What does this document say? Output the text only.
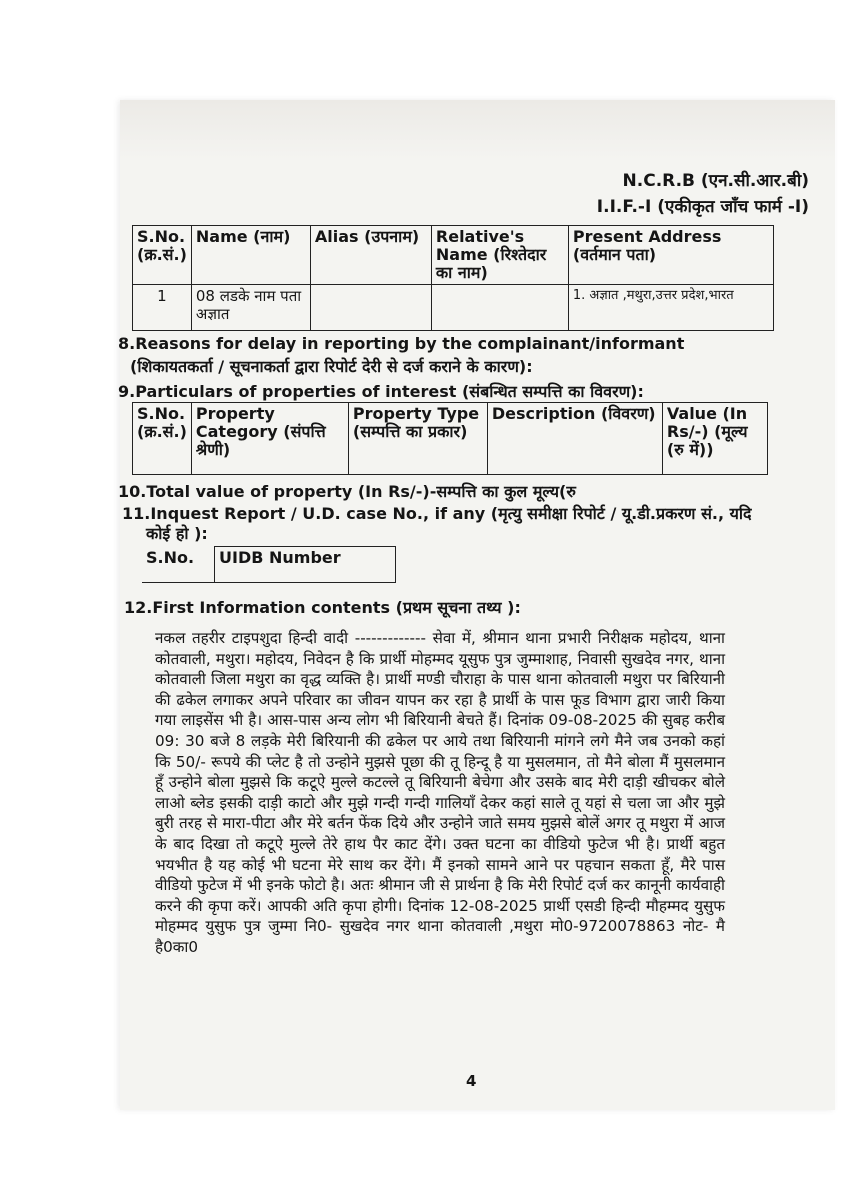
N.C.R.B (एन.सी.आर.बी)
I.I.F.-I (एकीकृत जाँच फार्म -I)
S.No. (क्र.सं.)	Name (नाम)	Alias (उपनाम)	Relative's Name (रिश्तेदार का नाम)	Present Address (वर्तमान पता)
1	08 लडके नाम पता अज्ञात			1. अज्ञात ,मथुरा,उत्तर प्रदेश,भारत
8.Reasons for delay in reporting by the complainant/informant
(शिकायतकर्ता / सूचनाकर्ता द्वारा रिपोर्ट देरी से दर्ज कराने के कारण):
9.Particulars of properties of interest (संबन्धित सम्पत्ति का विवरण):
S.No. (क्र.सं.)	Property Category (संपत्ति श्रेणी)	Property Type (सम्पत्ति का प्रकार)	Description (विवरण)	Value (In Rs/-) (मूल्य (रु में))
10.Total value of property (In Rs/-)-सम्पत्ति का कुल मूल्य(रु
11.Inquest Report / U.D. case No., if any (मृत्यु समीक्षा रिपोर्ट / यू.डी.प्रकरण सं., यदि
कोई हो ):
S.No.	UIDB Number
12.First Information contents (प्रथम सूचना तथ्य ):
नकल तहरीर टाइपशुदा हिन्दी वादी ------------- सेवा में, श्रीमान थाना प्रभारी निरीक्षक महोदय, थाना कोतवाली, मथुरा। महोदय, निवेदन है कि प्रार्थी मोहम्मद यूसुफ पुत्र जुम्माशाह, निवासी सुखदेव नगर, थाना कोतवाली जिला मथुरा का वृद्ध व्यक्ति है। प्रार्थी मण्डी चौराहा के पास थाना कोतवाली मथुरा पर बिरियानी की ढकेल लगाकर अपने परिवार का जीवन यापन कर रहा है प्रार्थी के पास फूड विभाग द्वारा जारी किया गया लाइसेंस भी है। आस-पास अन्य लोग भी बिरियानी बेचते हैं। दिनांक 09-08-2025 की सुबह करीब 09: 30 बजे 8 लड़के मेरी बिरियानी की ढकेल पर आये तथा बिरियानी मांगने लगे मैने जब उनको कहां कि 50/- रूपये की प्लेट है तो उन्होने मुझसे पूछा की तू हिन्दू है या मुसलमान, तो मैने बोला मैं मुसलमान हूँ उन्होने बोला मुझसे कि कटूऐ मुल्ले कटल्ले तू बिरियानी बेचेगा और उसके बाद मेरी दाड़ी खीचकर बोले लाओ ब्लेड इसकी दाड़ी काटो और मुझे गन्दी गन्दी गालियाँ देकर कहां साले तू यहां से चला जा और मुझे बुरी तरह से मारा-पीटा और मेरे बर्तन फेंक दिये और उन्होने जाते समय मुझसे बोलें अगर तू मथुरा में आज के बाद दिखा तो कटूऐ मुल्ले तेरे हाथ पैर काट देंगे। उक्त घटना का वीडियो फुटेज भी है। प्रार्थी बहुत भयभीत है यह कोई भी घटना मेरे साथ कर देंगे। मैं इनको सामने आने पर पहचान सकता हूँ, मैरे पास वीडियो फुटेज में भी इनके फोटो है। अतः श्रीमान जी से प्रार्थना है कि मेरी रिपोर्ट दर्ज कर कानूनी कार्यवाही करने की कृपा करें। आपकी अति कृपा होगी। दिनांक 12-08-2025 प्रार्थी एसडी हिन्दी मौहम्मद युसुफ मोहम्मद युसुफ पुत्र जुम्मा नि0- सुखदेव नगर थाना कोतवाली ,मथुरा मो0-9720078863 नोट- मै है0का0
4
